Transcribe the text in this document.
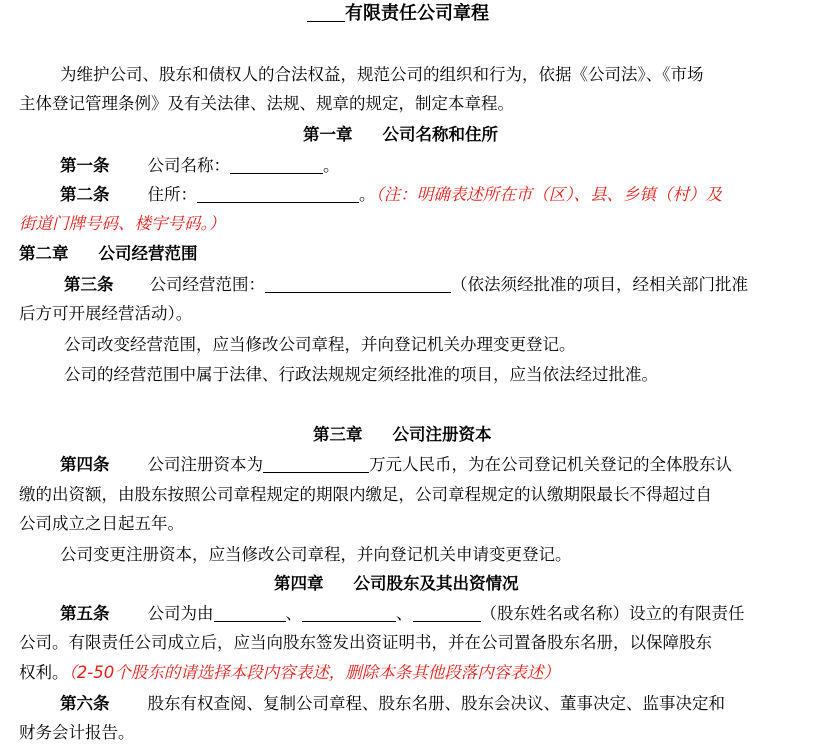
有限责任公司章程
为维护公司、股东和债权人的合法权益，规范公司的组织和行为，依据《公司法》、《市场
主体登记管理条例》及有关法律、法规、规章的规定，制定本章程。
第一章 公司名称和住所
第一条 公司名称：	。
第二条 住所：	。（注：明确表述所在市（区）、县、乡镇（村）及
街道门牌号码、楼宇号码。）
第二章 公司经营范围
第三条 公司经营范围：	（依法须经批准的项目，经相关部门批准
后方可开展经营活动）。
公司改变经营范围，应当修改公司章程，并向登记机关办理变更登记。
公司的经营范围中属于法律、行政法规规定须经批准的项目，应当依法经过批准。
第三章 公司注册资本
第四条 公司注册资本为	万元人民币，为在公司登记机关登记的全体股东认
缴的出资额，由股东按照公司章程规定的期限内缴足，公司章程规定的认缴期限最长不得超过自
公司成立之日起五年。
公司变更注册资本，应当修改公司章程，并向登记机关申请变更登记。
第四章 公司股东及其出资情况
第五条 公司为由	、	、	（股东姓名或名称）设立的有限责任
公司。有限责任公司成立后，应当向股东签发出资证明书，并在公司置备股东名册，以保障股东
权利。（2-50个股东的请选择本段内容表述，删除本条其他段落内容表述）
第六条 股东有权查阅、复制公司章程、股东名册、股东会决议、董事决定、监事决定和
财务会计报告。
